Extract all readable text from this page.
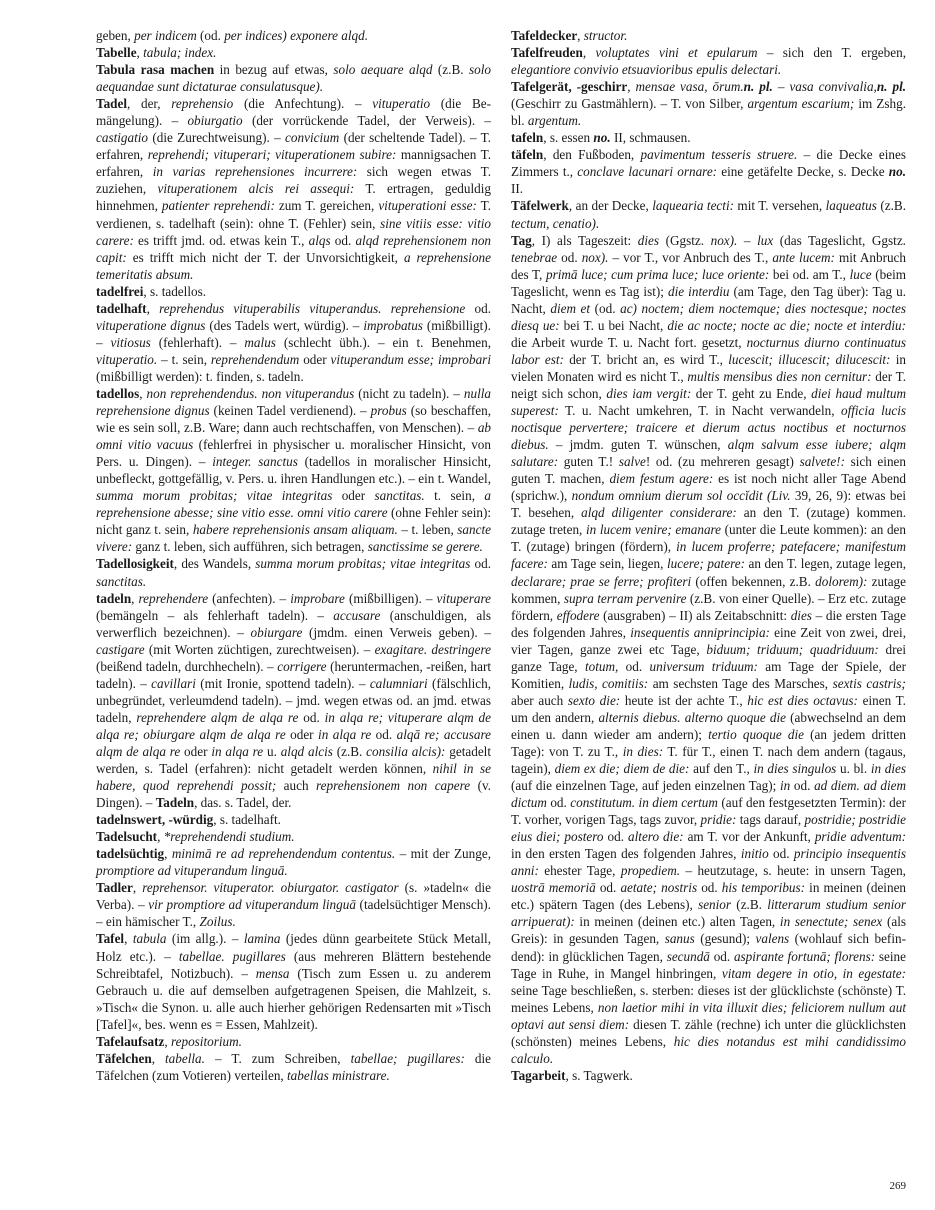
geben, per indicem (od. per indices) exponere alqd.

Tabelle, tabula; index.

Tabula rasa machen in bezug auf etwas, solo aequare alqd (z.B. solo aequandae sunt dictaturae consulatusque).

Tadel, der, reprehensio (die Anfechtung). – vituperatio (die Bemängelung). – obiurgatio (der vorrückende Tadel, der Verweis). – castigatio (die Zurechtweisung). – convicium (der scheltende Tadel). – T. erfahren, reprehendi; vituperari; vituperationem subire: mannigsachen T. erfahren, in varias reprehensiones incurrere: sich wegen etwas T. zuziehen, vituperationem alcis rei assequi: T. ertragen, geduldig hinnehmen, patienter reprehendi: zum T. gereichen, vituperationi esse: T. verdienen, s. tadelhaft (sein): ohne T. (Fehler) sein, sine vitiis esse: vitio carere: es trifft jmd. od. etwas kein T., alqs od. alqd reprehensionem non capit: es trifft mich nicht der T. der Unvorsichtigkeit, a reprehensione temeritatis absum.

tadelfrei, s. tadellos.

tadelhaft, reprehendus vituperabilis vituperandus. reprehensione od. vituperatione dignus (des Tadels wert, würdig). – improbatus (mißbilligt). – vitiosus (fehlerhaft). – malus (schlecht übh.). – ein t. Benehmen, vituperatio. – t. sein, reprehendendum oder vituperandum esse; improbari (mißbilligt werden): t. finden, s. tadeln.

tadellos, non reprehendendus. non vituperandus (nicht zu tadeln). – nulla reprehensione dignus (keinen Tadel verdienend). – probus (so beschaffen, wie es sein soll, z.B. Ware; dann auch rechtschaffen, von Menschen). – ab omni vitio vacuus (fehlerfrei in physischer u. moralischer Hinsicht, von Pers. u. Dingen). – integer. sanctus (tadellos in moralischer Hinsicht, unbefleckt, gottgefällig, v. Pers. u. ihren Handlungen etc.). – ein t. Wandel, summa morum probitas; vitae integritas oder sanctitas. t. sein, a reprehensione abesse; sine vitio esse. omni vitio carere (ohne Fehler sein): nicht ganz t. sein, habere reprehensionis ansam aliquam. – t. leben, sancte vivere: ganz t. leben, sich aufführen, sich betragen, sanctissime se gerere.

Tadellosigkeit, des Wandels, summa morum probitas; vitae integritas od. sanctitas.

tadeln, reprehendere (anfechten). – improbare (mißbilligen). – vituperare (bemängeln – als fehlerhaft tadeln). – accusare (anschuldigen, als verwerflich bezeichnen). – obiurgare (jmdm. einen Verweis geben). – castigare (mit Worten züchtigen, zurechtweisen). – exagitare. destringere (beißend tadeln, durchhecheln). – corrigere (heruntermachen, -reißen, hart tadeln). – cavillari (mit Ironie, spottend tadeln). – calumniari (fälschlich, unbegründet, verleumdend tadeln). – jmd. wegen etwas od. an jmd. etwas tadeln, reprehendere alqm de alqa re od. in alqa re; vituperare alqm de alqa re; obiurgare alqm de alqa re oder in alqa re od. alqā re; accusare alqm de alqa re oder in alqa re u. alqd alcis (z.B. consilia alcis): getadelt werden, s. Tadel (erfahren): nicht getadelt werden können, nihil in se habere, quod reprehendi possit; auch reprehensionem non capere (v. Dingen). – Tadeln, das. s. Tadel, der.

tadelnswert, -würdig, s. tadelhaft.

Tadelsucht, *reprehendendi studium.

tadelsüchtig, minimā re ad reprehendendum contentus. – mit der Zunge, promptiore ad vituperandum linguā.

Tadler, reprehensor. vituperator. obiurgator. castigator (s. »tadeln« die Verba). – vir promptiore ad vituperandum linguā (tadelsüchtiger Mensch). – ein hämischer T., Zoilus.

Tafel, tabula (im allg.). – lamina (jedes dünn gearbeitete Stück Metall, Holz etc.). – tabellae. pugillares (aus mehreren Blättern bestehende Schreibtafel, Notizbuch). – mensa (Tisch zum Essen u. zu anderem Gebrauch u. die auf demselben aufgetragenen Speisen, die Mahlzeit, s. »Tisch« die Synon. u. alle auch hierher gehörigen Redensarten mit »Tisch [Tafel]«, bes. wenn es = Essen, Mahlzeit).

Tafelaufsatz, repositorium.

Täfelchen, tabella. – T. zum Schreiben, tabellae; pugillares: die Täfelchen (zum Votieren) verteilen, tabellas ministrare.

Tafeldecker, structor.

Tafelfreuden, voluptates vini et epularum – sich den T. ergeben, elegantiore convivio etsuavioribus epulis delectari.

Tafelgerät, -geschirr, mensae vasa, ōrum.n. pl. – vasa convivalia,n. pl. (Geschirr zu Gastmählern). – T. von Silber, argentum escarium; im Zshg. bl. argentum.

tafeln, s. essen no. II, schmausen.

täfeln, den Fußboden, pavimentum tesseris struere. – die Decke eines Zimmers t., conclave lacunari ornare: eine getäfelte Decke, s. Decke no. II.

Täfelwerk, an der Decke, laquearia tecti: mit T. versehen, laqueatus (z.B. tectum, cenatio).

Tag, I) als Tageszeit: dies (Ggstz. nox). – lux (das Tageslicht, Ggstz. tenebrae od. nox). – vor T., vor Anbruch des T., ante lucem: mit Anbruch des T, primā luce; cum prima luce; luce oriente: bei od. am T., luce (beim Tageslicht, wenn es Tag ist); die interdiu (am Tage, den Tag über): Tag u. Nacht, diem et (od. ac) noctem; diem noctemque; dies noctesque; noctes diesq ue: bei T. u bei Nacht, die ac nocte; nocte ac die; nocte et interdiu: die Arbeit wurde T. u. Nacht fort. gesetzt, nocturnus diurno continuatus labor est: der T. bricht an, es wird T., lucescit; illucescit; dilucescit: in vielen Monaten wird es nicht T., multis mensibus dies non cernitur: der T. neigt sich schon, dies iam vergit: der T. geht zu Ende, diei haud multum superest: T. u. Nacht umkehren, T. in Nacht verwandeln, officia lucis noctisque pervertere; traicere et dierum actus noctibus et nocturnos diebus. – jmdm. guten T. wünschen, alqm salvum esse iubere; alqm salutare: guten T.! salve! od. (zu mehreren gesagt) salvete!: sich einen guten T. machen, diem festum agere: es ist noch nicht aller Tage Abend (sprichw.), nondum omnium dierum sol occĭdit (Liv. 39, 26, 9): etwas bei T. besehen, alqd diligenter considerare: an den T. (zutage) kommen. zutage treten, in lucem venire; emanare (unter die Leute kommen): an den T. (zutage) bringen (fördern), in lucem proferre; patefacere; manifestum facere: am Tage sein, liegen, lucere; patere: an den T. legen, zutage legen, declarare; prae se ferre; profiteri (offen bekennen, z.B. dolorem): zutage kommen, supra terram pervenire (z.B. von einer Quelle). – Erz etc. zutage fördern, effodere (ausgraben) – II) als Zeitabschnitt: dies – die ersten Tage des folgenden Jahres, insequentis anniprincipia: eine Zeit von zwei, drei, vier Tagen, ganze zwei etc Tage, biduum; triduum; quadriduum: drei ganze Tage, totum, od. universum triduum: am Tage der Spiele, der Komitien, ludis, comitiis: am sechsten Tage des Marsches, sextis castris; aber auch sexto die: heute ist der achte T., hic est dies octavus: einen T. um den andern, alternis diebus. alterno quoque die (abwechselnd an dem einen u. dann wieder am andern); tertio quoque die (an jedem dritten Tage): von T. zu T., in dies: T. für T., einen T. nach dem andern (tagaus, tagein), diem ex die; diem de die: auf den T., in dies singulos u. bl. in dies (auf die einzelnen Tage, auf jeden einzelnen Tag); in od. ad diem. ad diem dictum od. constitutum. in diem certum (auf den festgesetzten Termin): der T. vorher, vorigen Tags, tags zuvor, pridie: tags darauf, postridie; postridie eius diei; postero od. altero die: am T. vor der Ankunft, pridie adventum: in den ersten Tagen des folgenden Jahres, initio od. principio insequentis anni: ehester Tage, propediem. – heutzutage, s. heute: in unsern Tagen, uostrā memoriā od. aetate; nostris od. his temporibus: in meinen (deinen etc.) spätern Tagen (des Lebens), senior (z.B. litterarum studium senior arripuerat): in meinen (deinen etc.) alten Tagen, in senectute; senex (als Greis): in gesunden Tagen, sanus (gesund); valens (wohlauf sich befindend): in glücklichen Tagen, secundā od. aspirante fortunā; florens: seine Tage in Ruhe, in Mangel hinbringen, vitam degere in otio, in egestate: seine Tage beschließen, s. sterben: dieses ist der glücklichste (schönste) T. meines Lebens, non laetior mihi in vita illuxit dies; feliciorem nullum aut optavi aut sensi diem: diesen T. zähle (rechne) ich unter die glücklichsten (schönsten) meines Lebens, hic dies notandus est mihi candidissimo calculo.

Tagarbeit, s. Tagwerk.

269
